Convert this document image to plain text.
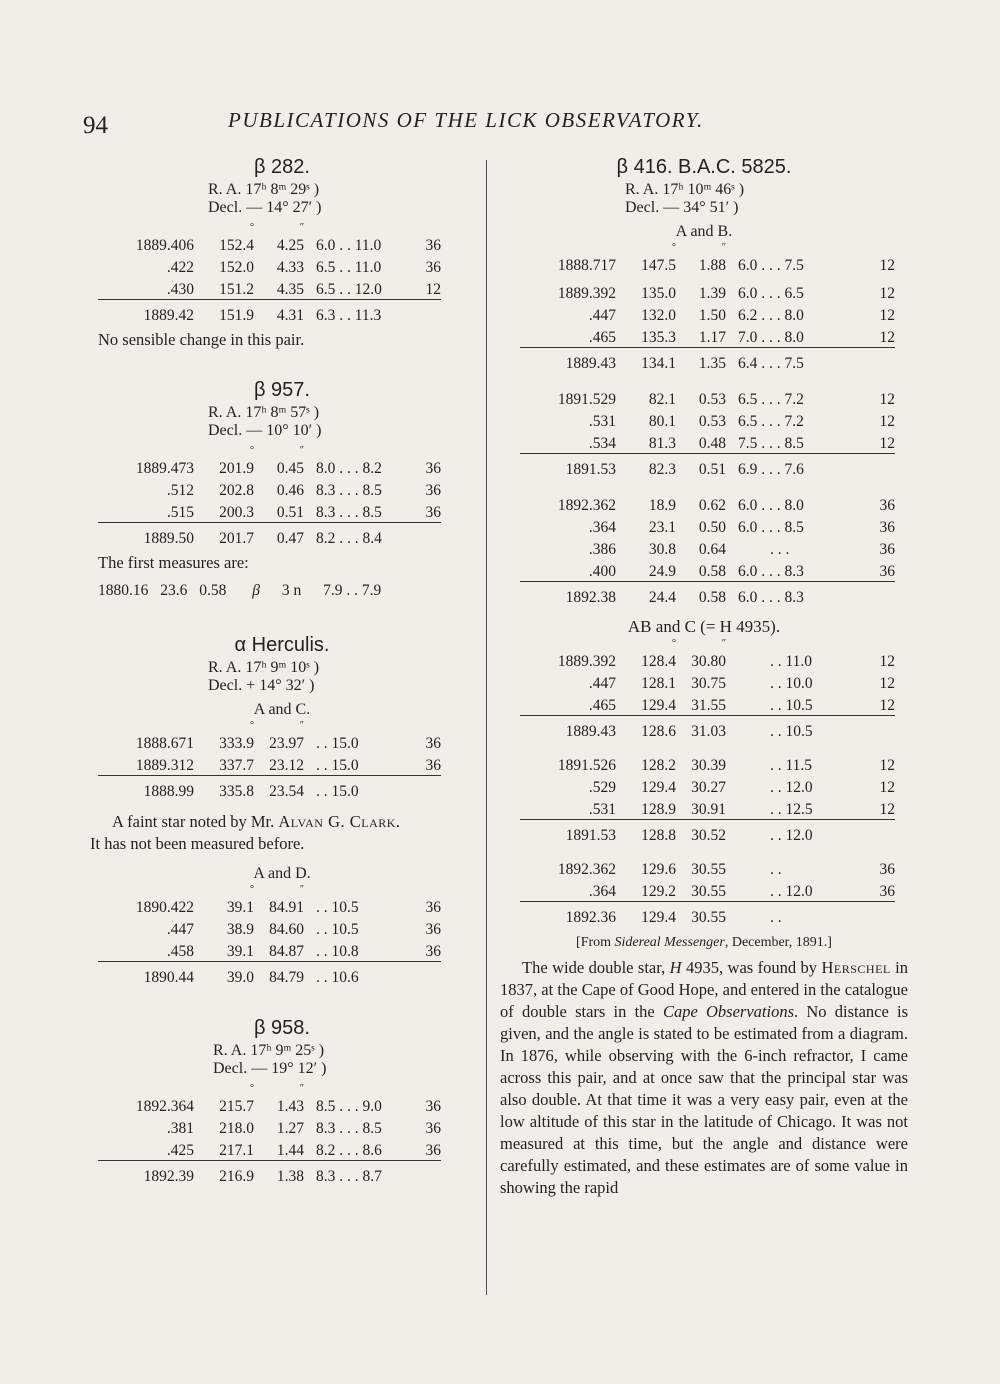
94	PUBLICATIONS OF THE LICK OBSERVATORY.
β 282.
R. A. 17ʰ 8ᵐ 29ˢ )
Decl. — 14° 27′ )
	°	″		
1889.406	152.4	4.25	6.0 . . 11.0	36
.422	152.0	4.33	6.5 . . 11.0	36
.430	151.2	4.35	6.5 . . 12.0	12
1889.42	151.9	4.31	6.3 . . 11.3	
No sensible change in this pair.
β 957.
R. A. 17ʰ 8ᵐ 57ˢ )
Decl. — 10° 10′ )
	°	″		
1889.473	201.9	0.45	8.0 . . . 8.2	36
.512	202.8	0.46	8.3 . . . 8.5	36
.515	200.3	0.51	8.3 . . . 8.5	36
1889.50	201.7	0.47	8.2 . . . 8.4	
The first measures are:
1880.16 23.6 0.58 β 3 n 7.9 . . 7.9
α Herculis.
R. A. 17ʰ 9ᵐ 10ˢ )
Decl. + 14° 32′ )
A and C.
	°	″		
1888.671	333.9	23.97	. . 15.0	36
1889.312	337.7	23.12	. . 15.0	36
1888.99	335.8	23.54	. . 15.0	
A faint star noted by Mr. Alvan G. Clark.
It has not been measured before.
A and D.
	°	″		
1890.422	39.1	84.91	. . 10.5	36
.447	38.9	84.60	. . 10.5	36
.458	39.1	84.87	. . 10.8	36
1890.44	39.0	84.79	. . 10.6	
β 958.
R. A. 17ʰ 9ᵐ 25ˢ )
Decl. — 19° 12′ )
	°	″		
1892.364	215.7	1.43	8.5 . . . 9.0	36
.381	218.0	1.27	8.3 . . . 8.5	36
.425	217.1	1.44	8.2 . . . 8.6	36
1892.39	216.9	1.38	8.3 . . . 8.7	
β 416. B.A.C. 5825.
R. A. 17ʰ 10ᵐ 46ˢ )
Decl. — 34° 51′ )
A and B.
	°	″		
1888.717	147.5	1.88	6.0 . . . 7.5	12

1889.392	135.0	1.39	6.0 . . . 6.5	12
.447	132.0	1.50	6.2 . . . 8.0	12
.465	135.3	1.17	7.0 . . . 8.0	12
1889.43	134.1	1.35	6.4 . . . 7.5	

1891.529	82.1	0.53	6.5 . . . 7.2	12
.531	80.1	0.53	6.5 . . . 7.2	12
.534	81.3	0.48	7.5 . . . 8.5	12
1891.53	82.3	0.51	6.9 . . . 7.6	

1892.362	18.9	0.62	6.0 . . . 8.0	36
.364	23.1	0.50	6.0 . . . 8.5	36
.386	30.8	0.64	. . .	36
.400	24.9	0.58	6.0 . . . 8.3	36
1892.38	24.4	0.58	6.0 . . . 8.3	
AB and C (= H 4935).
	°	″		
1889.392	128.4	30.80	. . 11.0	12
.447	128.1	30.75	. . 10.0	12
.465	129.4	31.55	. . 10.5	12
1889.43	128.6	31.03	. . 10.5	

1891.526	128.2	30.39	. . 11.5	12
.529	129.4	30.27	. . 12.0	12
.531	128.9	30.91	. . 12.5	12
1891.53	128.8	30.52	. . 12.0	

1892.362	129.6	30.55	. .	36
.364	129.2	30.55	. . 12.0	36
1892.36	129.4	30.55	. .	
[From Sidereal Messenger, December, 1891.]

The wide double star, H 4935, was found by Herschel in 1837, at the Cape of Good Hope, and entered in the catalogue of double stars in the Cape Observations. No distance is given, and the angle is stated to be estimated from a diagram. In 1876, while observing with the 6-inch refractor, I came across this pair, and at once saw that the principal star was also double. At that time it was a very easy pair, even at the low altitude of this star in the latitude of Chicago. It was not measured at this time, but the angle and distance were carefully estimated, and these estimates are of some value in showing the rapid
